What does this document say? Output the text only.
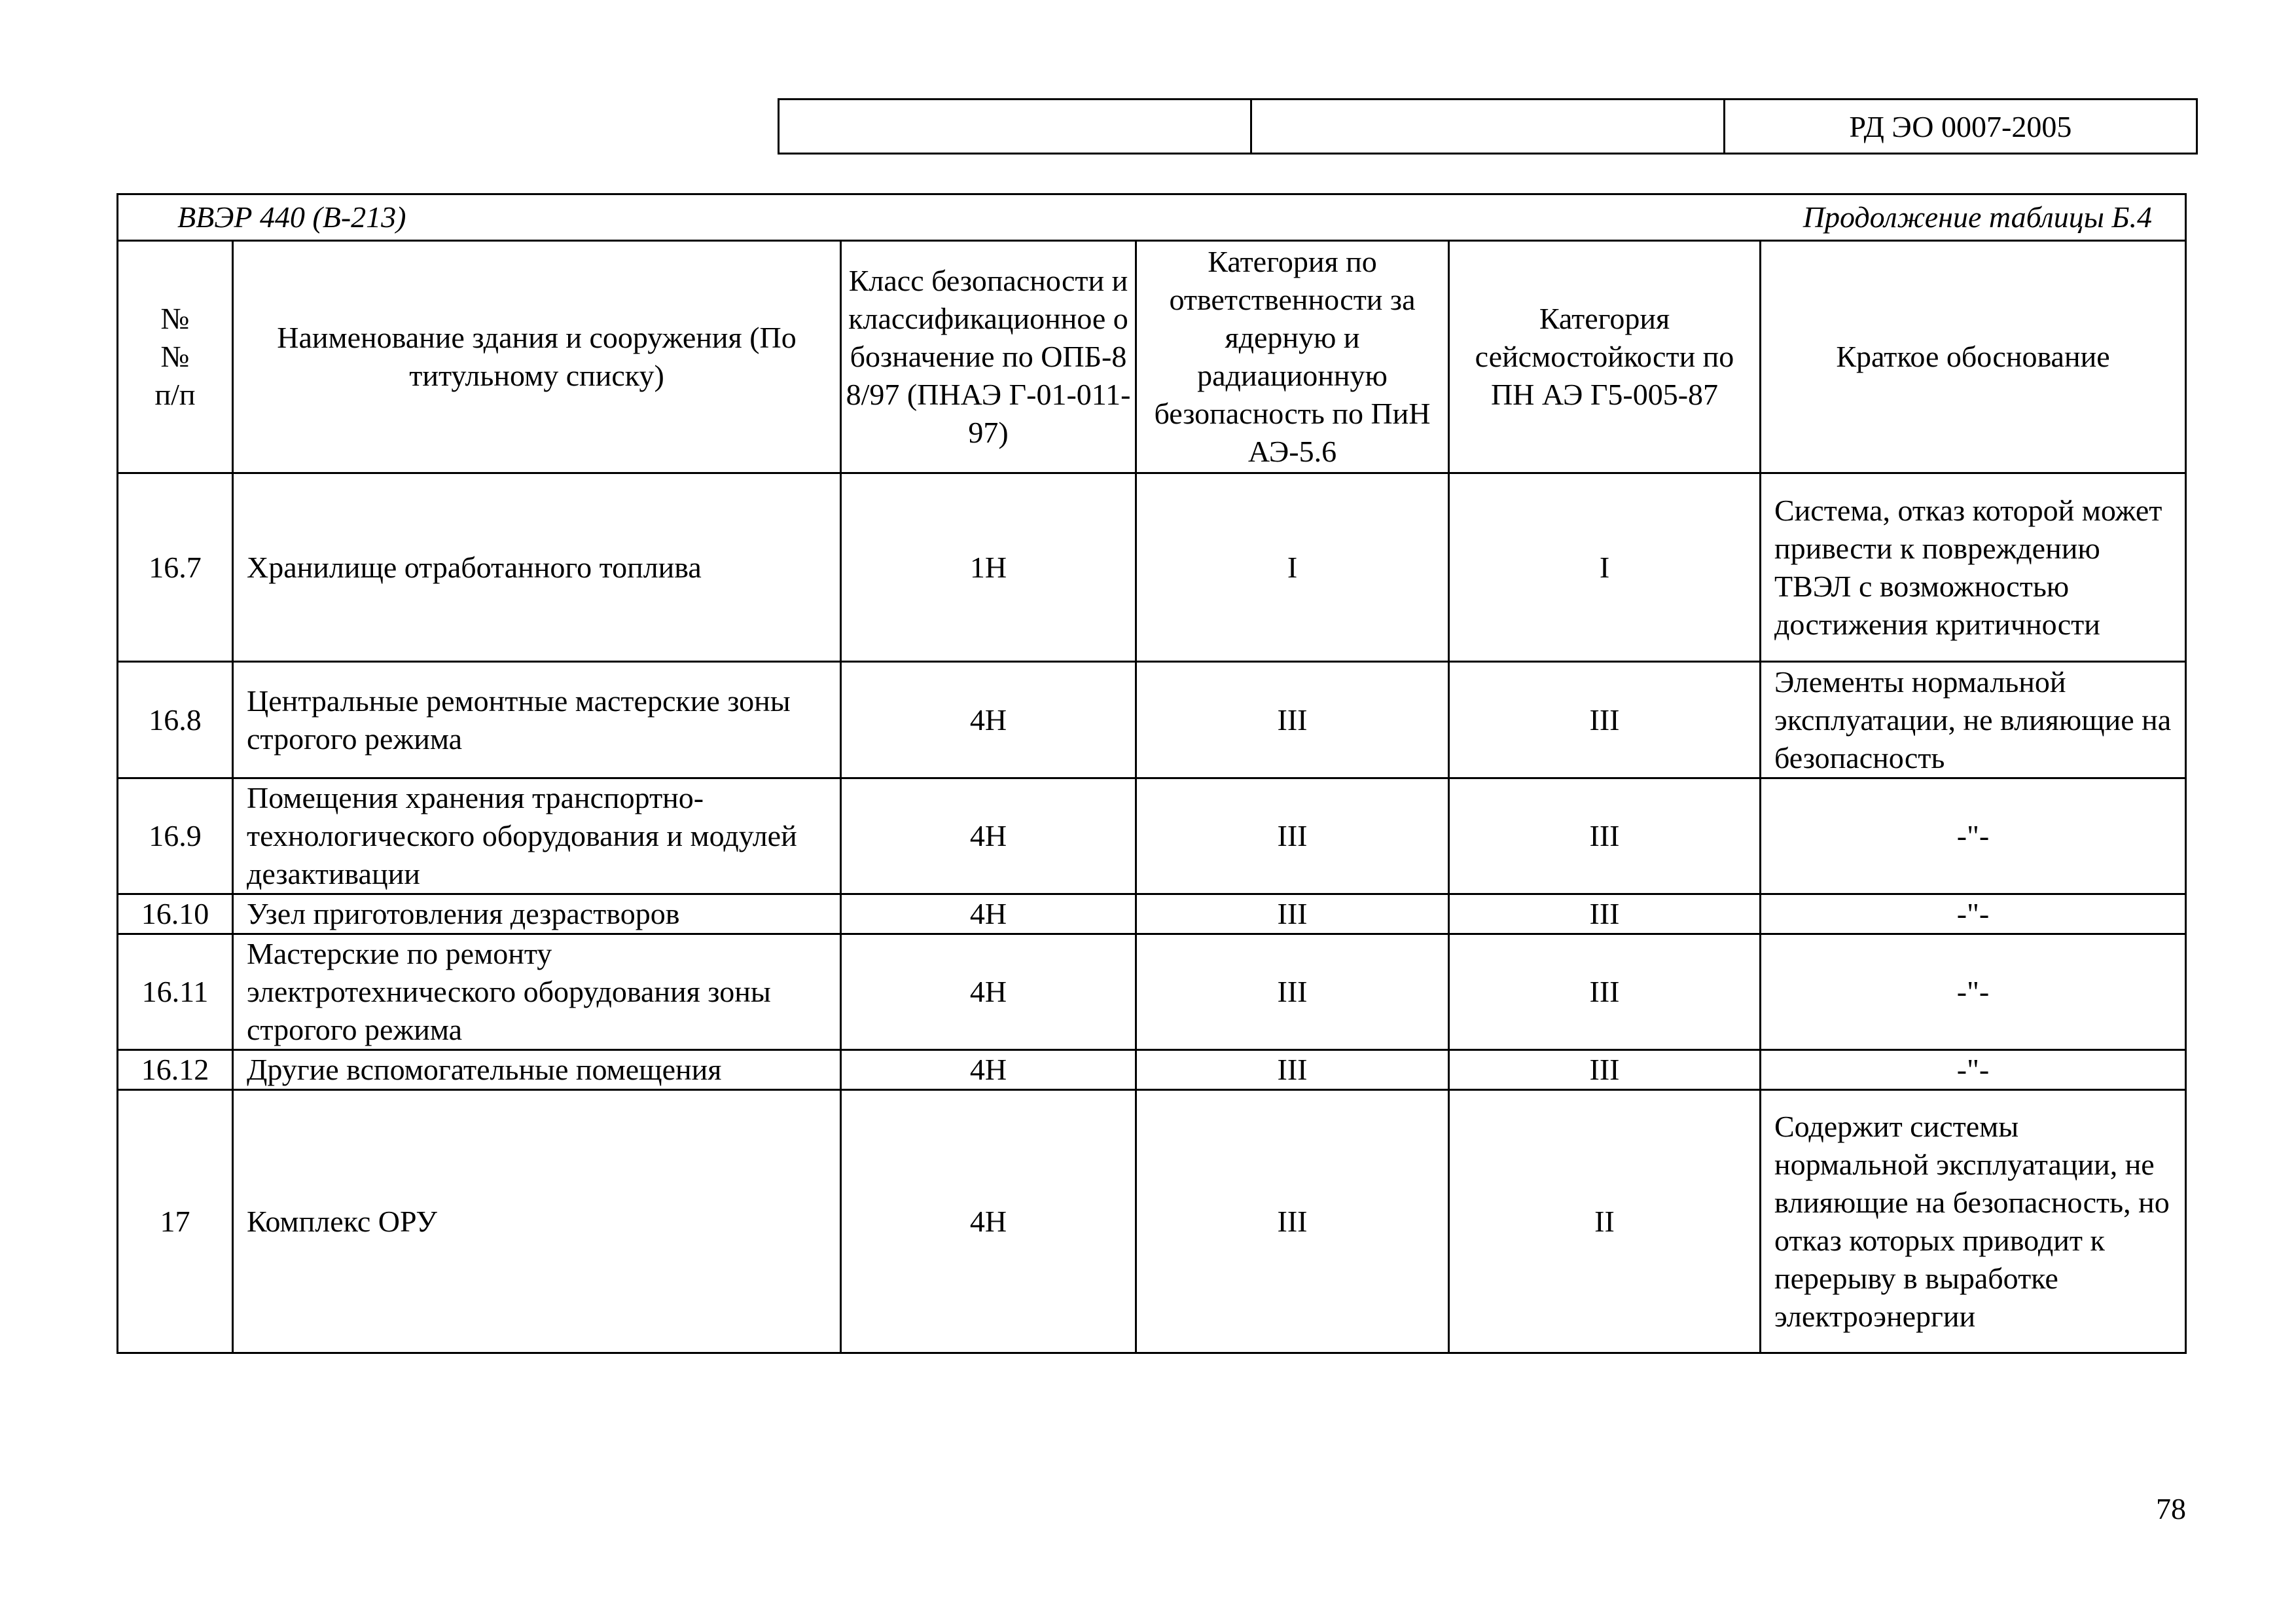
		РД ЭО 0007-2005
ВВЭР 440 (В-213) Продолжение таблицы Б.4					

№№ п/п	Наименование здания и сооружения (По титульному списку)	Класс безопасности и классификационное обозначение по ОПБ-88/97 (ПНАЭ Г-01-011-97)	Категория по ответственности за ядерную и радиационную безопасность по ПиН АЭ-5.6	Категория сейсмостойкости по ПН АЭ Г5-005-87	Краткое обоснование
16.7	Хранилище отработанного топлива	1Н	I	I	Система, отказ которой может привести к повреждению ТВЭЛ с возможностью достижения критичности
16.8	Центральные ремонтные мастерские зоны строгого режима	4Н	III	III	Элементы нормальной эксплуатации, не влияющие на безопасность
16.9	Помещения хранения транспортно-технологического оборудования и модулей дезактивации	4Н	III	III	-"-
16.10	Узел приготовления дезрастворов	4Н	III	III	-"-
16.11	Мастерские по ремонту электротехнического оборудования зоны строгого режима	4Н	III	III	-"-
16.12	Другие вспомогательные помещения	4Н	III	III	-"-
17	Комплекс ОРУ	4Н	III	II	Содержит системы нормальной эксплуатации, не влияющие на безопасность, но отказ которых приводит к перерыву в выработке электроэнергии
78
